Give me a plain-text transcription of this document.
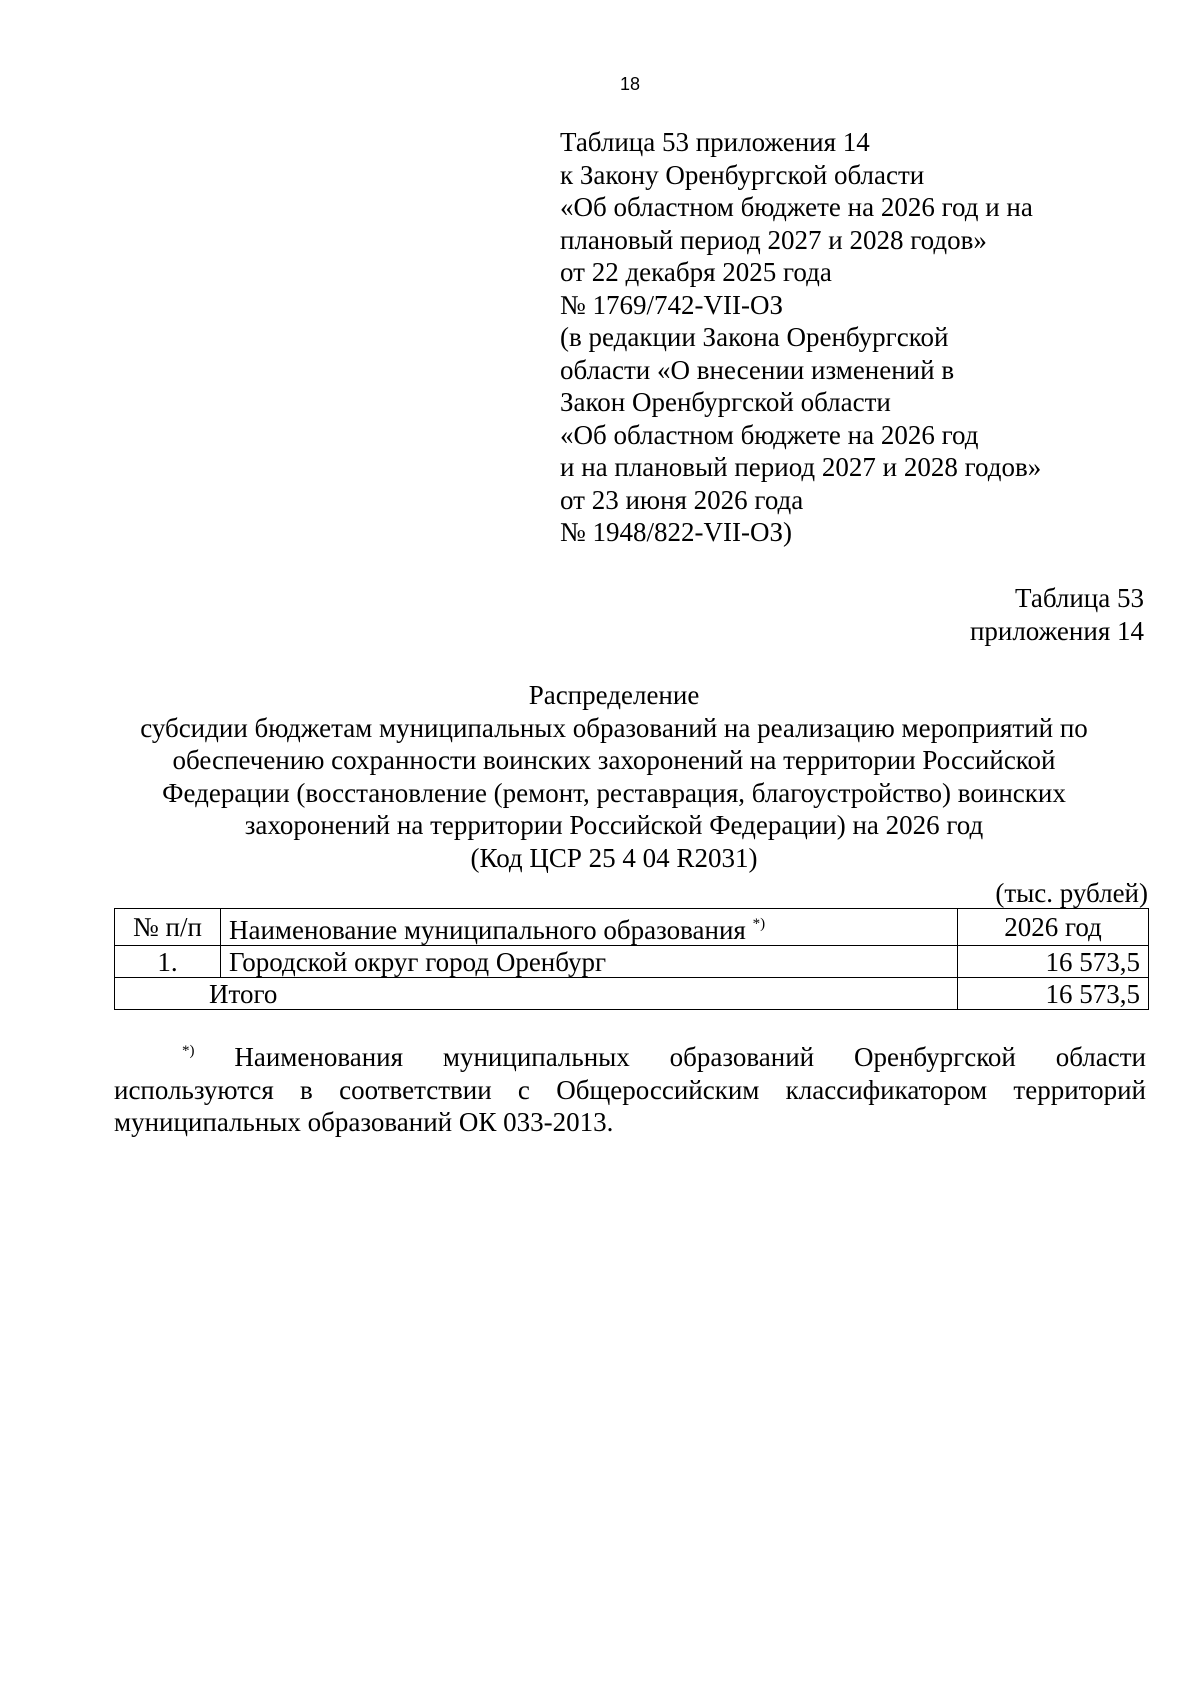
18
Таблица 53 приложения 14
к Закону Оренбургской области
«Об областном бюджете на 2026 год и на
плановый период 2027 и 2028 годов»
от 22 декабря 2025 года
№ 1769/742-VII-ОЗ
(в редакции Закона Оренбургской
области «О внесении изменений в
Закон Оренбургской области
«Об областном бюджете на 2026 год
и на плановый период 2027 и 2028 годов»
от 23 июня 2026 года
№ 1948/822-VII-ОЗ)
Таблица 53
приложения 14
Распределение
субсидии бюджетам муниципальных образований на реализацию мероприятий по
обеспечению сохранности воинских захоронений на территории Российской
Федерации (восстановление (ремонт, реставрация, благоустройство) воинских
захоронений на территории Российской Федерации) на 2026 год
(Код ЦСР 25 4 04 R2031)
(тыс. рублей)
№ п/п	Наименование муниципального образования *)	2026 год
1.	Городской округ город Оренбург	16 573,5
Итого		16 573,5
*) Наименования муниципальных образований Оренбургской области
используются в соответствии с Общероссийским классификатором территорий муниципальных образований ОК 033-2013.
